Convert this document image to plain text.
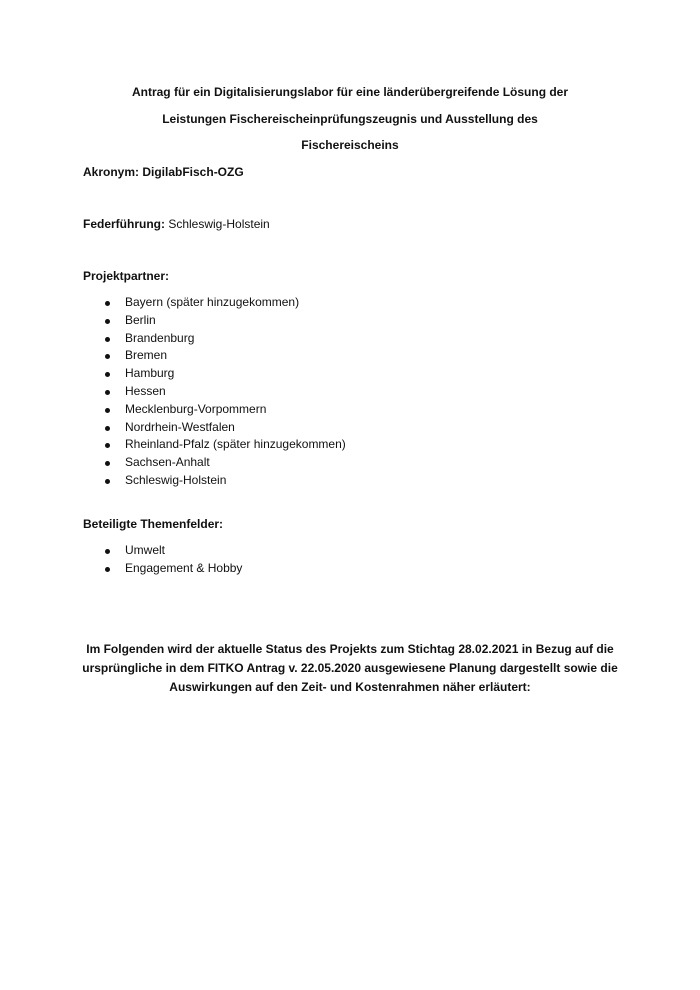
Antrag für ein Digitalisierungslabor für eine länderübergreifende Lösung der
Leistungen Fischereischeinprüfungszeugnis und Ausstellung des
Fischereischeins
Akronym: DigilabFisch-OZG
Federführung: Schleswig-Holstein
Projektpartner:
Bayern (später hinzugekommen)
Berlin
Brandenburg
Bremen
Hamburg
Hessen
Mecklenburg-Vorpommern
Nordrhein-Westfalen
Rheinland-Pfalz (später hinzugekommen)
Sachsen-Anhalt
Schleswig-Holstein
Beteiligte Themenfelder:
Umwelt
Engagement & Hobby
Im Folgenden wird der aktuelle Status des Projekts zum Stichtag 28.02.2021 in Bezug auf die
ursprüngliche in dem FITKO Antrag v. 22.05.2020 ausgewiesene Planung dargestellt sowie die
Auswirkungen auf den Zeit- und Kostenrahmen näher erläutert:
